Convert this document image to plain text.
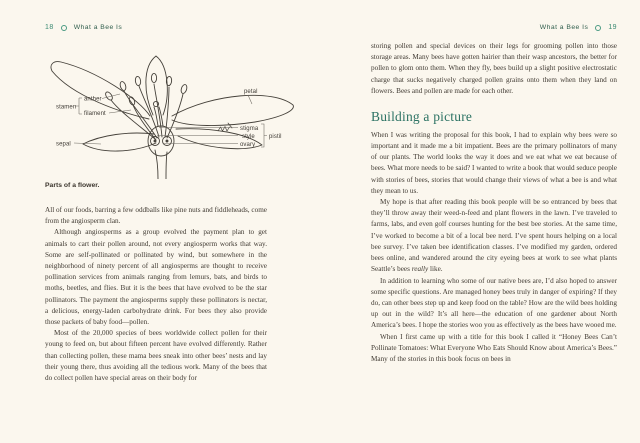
18	What a Bee Is
petal
stamen
anther
filament
sepal
stigma
style
ovary
pistil
Parts of a flower.

All of our foods, barring a few oddballs like pine nuts and fiddleheads, come from the angiosperm clan.

Although angiosperms as a group evolved the payment plan to get animals to cart their pollen around, not every angiosperm works that way. Some are self-pollinated or pollinated by wind, but somewhere in the neighborhood of ninety percent of all angiosperms are thought to receive pollination services from animals ranging from lemurs, bats, and birds to moths, beetles, and flies. But it is the bees that have evolved to be the star pollinators. The payment the angiosperms supply these pollinators is nectar, a delicious, energy-laden carbohydrate drink. For bees they also provide those packets of baby food—pollen.

Most of the 20,000 species of bees worldwide collect pollen for their young to feed on, but about fifteen percent have evolved differently. Rather than collecting pollen, these mama bees sneak into other bees’ nests and lay their young there, thus avoiding all the tedious work. Many of the bees that do collect pollen have special areas on their body for

What a Bee Is	19

storing pollen and special devices on their legs for grooming pollen into those storage areas. Many bees have gotten hairier than their wasp ancestors, the better for pollen to glom onto them. When they fly, bees build up a slight positive electrostatic charge that sucks negatively charged pollen grains onto them when they land on flowers. Bees and pollen are made for each other.

Building a picture

When I was writing the proposal for this book, I had to explain why bees were so important and it made me a bit impatient. Bees are the primary pollinators of many of our plants. The world looks the way it does and we eat what we eat because of bees. What more needs to be said? I wanted to write a book that would seduce people with stories of bees, stories that would change their views of what a bee is and what they mean to us.

My hope is that after reading this book people will be so entranced by bees that they’ll throw away their weed-n-feed and plant flowers in the lawn. I’ve traveled to farms, labs, and even golf courses hunting for the best bee stories. At the same time, I’ve worked to become a bit of a local bee nerd. I’ve spent hours helping on a local bee survey. I’ve taken bee identification classes. I’ve modified my garden, ordered bees online, and wandered around the city eyeing bees at work to see what plants Seattle’s bees really like.

In addition to learning who some of our native bees are, I’d also hoped to answer some specific questions. Are managed honey bees truly in danger of expiring? If they do, can other bees step up and keep food on the table? How are the wild bees holding up out in the wild? It’s all here—the education of one gardener about North America’s bees. I hope the stories woo you as effectively as the bees have wooed me.

When I first came up with a title for this book I called it “Honey Bees Can’t Pollinate Tomatoes: What Everyone Who Eats Should Know about America’s Bees.” Many of the stories in this book focus on bees in
